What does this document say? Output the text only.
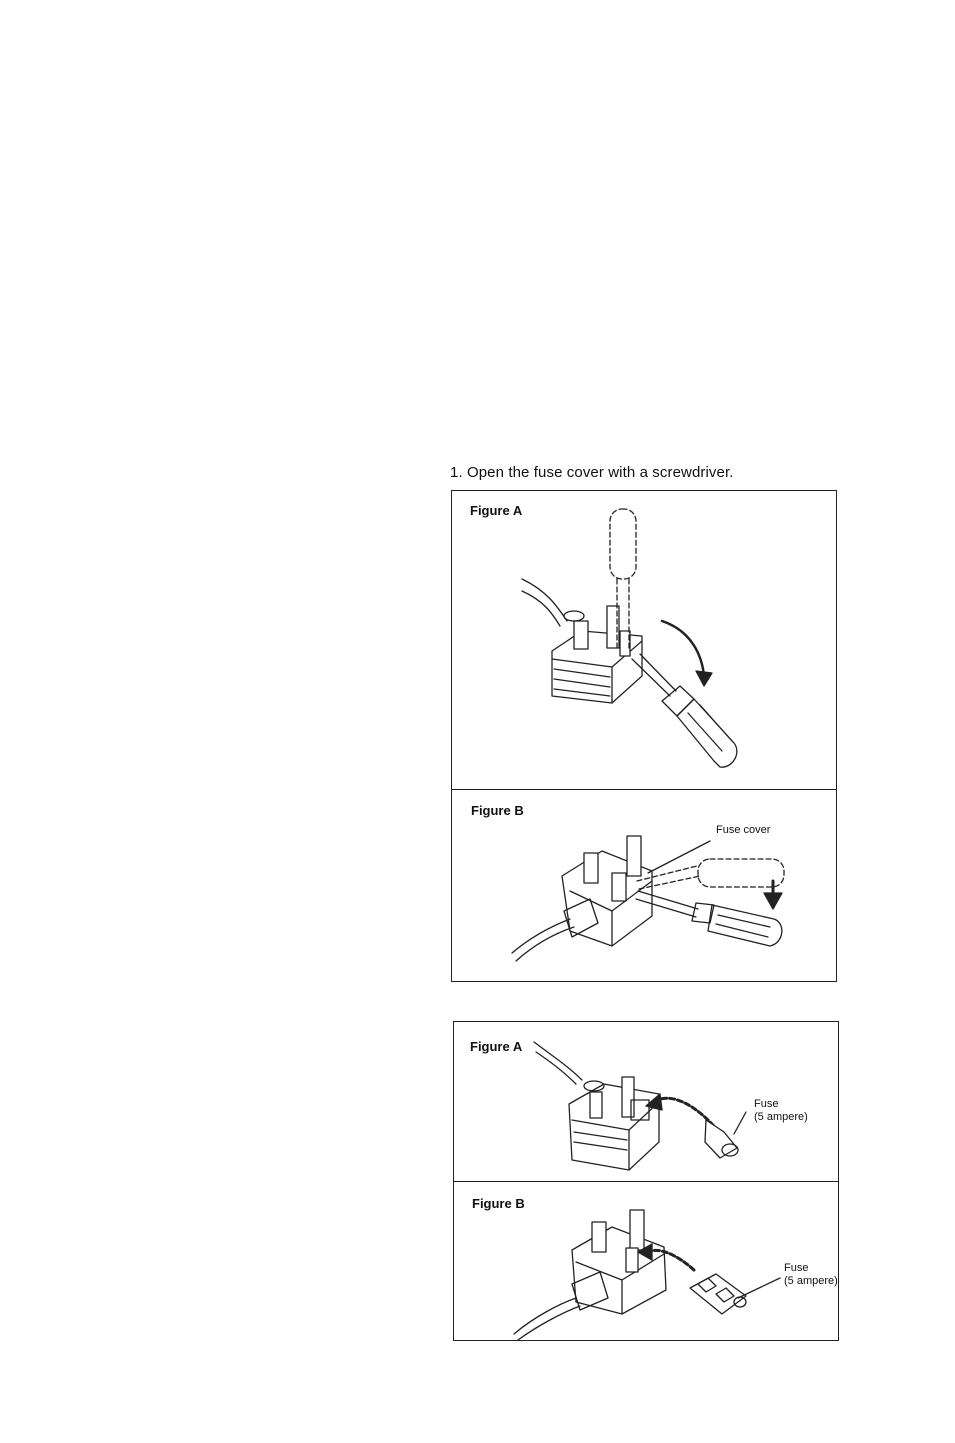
1. Open the fuse cover with a screwdriver.
Figure A
Figure B
Fuse cover
Figure A
Fuse
(5 ampere)
Figure B
Fuse
(5 ampere)
